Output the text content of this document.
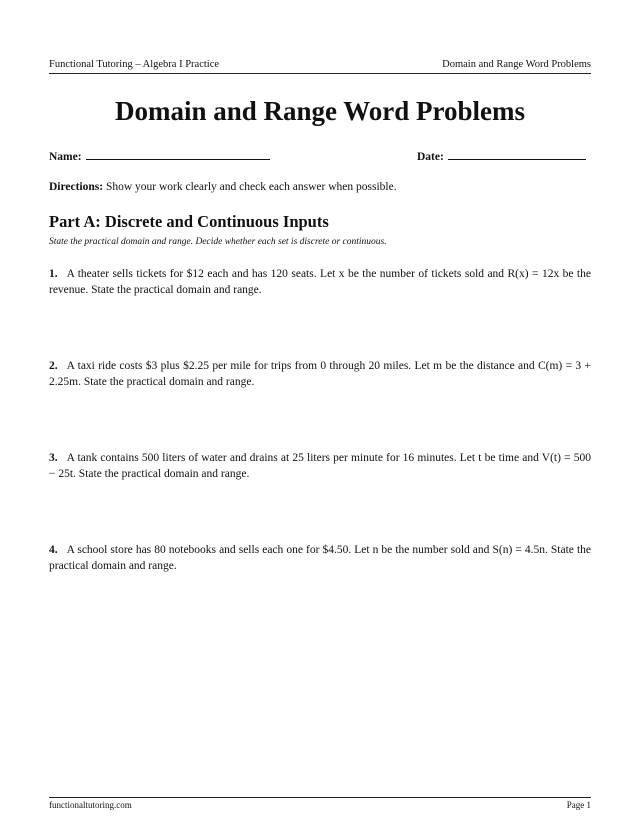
Functional Tutoring – Algebra I Practice	Domain and Range Word Problems
Domain and Range Word Problems
Name:	Date:
Directions: Show your work clearly and check each answer when possible.
Part A: Discrete and Continuous Inputs
State the practical domain and range. Decide whether each set is discrete or continuous.
1. A theater sells tickets for $12 each and has 120 seats. Let x be the number of tickets sold and R(x) = 12x be the revenue. State the practical domain and range.
2. A taxi ride costs $3 plus $2.25 per mile for trips from 0 through 20 miles. Let m be the distance and C(m) = 3 + 2.25m. State the practical domain and range.
3. A tank contains 500 liters of water and drains at 25 liters per minute for 16 minutes. Let t be time and V(t) = 500 − 25t. State the practical domain and range.
4. A school store has 80 notebooks and sells each one for $4.50. Let n be the number sold and S(n) = 4.5n. State the practical domain and range.
functionaltutoring.com	Page 1
